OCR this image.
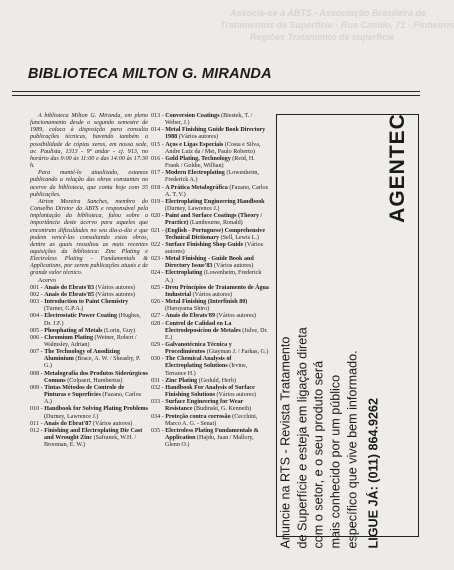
Associe-se à ABTS - Associação Brasileira de
Tratamentos de Superfície - Rua Camilo, 71 - Pinheiros
Regiões Tratamento de superfície
BIBLIOTECA MILTON G. MIRANDA

A biblioteca Milton G. Miranda, em pleno funcionamento desde o segundo semestre de 1989, coloca à disposição para consulta publicações técnicas, havendo também a possibilidade de cópias xerox, em nossa sede, av. Paulista, 1313 - 9º andar - cj. 913, no horário das 9:00 às 11:00 e das 14:00 às 17:30 h.

Para manté-lo atualizado, estamos publicando a relação das obras constantes no acervo da biblioteca, que conta hoje com 35 publicações.

Airton Moreira Sanches, membro do Conselho Diretor da ABTS e responsável pela implantação da biblioteca, falou sobre a importância deste acervo para aqueles que encontram dificuldades no seu dia-a-dia e que podem vencê-las consultando estas obras, dentre as quais ressaltou as mais recentes aquisições da biblioteca: Zinc Plating e Electroless Plating - Fundamentals & Applications, por serem publicações atuais e de grande valor técnico.

Acervo

001 - Anais do Ebrats'83 (Vários autores)

002 - Anais do Ebrats'85 (Vários autores)

003 - Introduction to Paint Chemistry (Turner, G.P.A.)

004 - Electrostatic Power Coating (Hughes, Dr. J.F.)

005 - Phosphating of Metals (Lorin, Guy)

006 - Chromium Plating (Weiner, Robert / Walmsley, Adrian)

007 - The Technology of Anodizing Aluminium (Brace, A. W. / Sheasby, P. G.)

008 - Metalografia dos Produtos Siderúrgicos Comuns (Colpaert, Humbertus)

009 - Tintas Métodos de Controle de Pinturas e Superfícies (Fazano, Carlos A.)

010 - Handbook for Solving Plating Problems (Durney, Lawrence J.)

011 - Anais do Ebrat'87 (Vários autores)

012 - Finishing and Electroplating Die Cast and Wrought Zinc (Safranek, W.H. / Brooman, E. W.)

013 - Conversion Coatings (Biestek, T. / Weber, J.)

014 - Metal Finishing Guide Book Directory 1988 (Vários autores)

015 - Aços e Ligas Especiais (Costa e Silva, Andre Luiz da / Mei, Paulo Roberto)

016 - Gold Plating, Technology (Reid, H. Frank / Goldie, Willian)

017 - Modern Electroplating (Lowenheim, Frederick A.)

018 - A Prática Metalográfica (Fazano, Carlos A. T. V.)

019 - Electroplating Engineering Handbook (Durney, Lawrence J.)

020 - Paint and Surface Coatings (Theory / Practice) (Lambourne, Ronald)

021 - (English - Portuguese) Comprehensive Technical Dictionary (Sell, Lewis L.)

022 - Surface Finishing Shop Guide (Vários autores)

023 - Metal Finishing - Guide Book and Directory Issue'83 (Vários autores)

024 - Electroplating (Lowenheim, Frederick A.)

025 - Dreu Princípios de Tratamento de Água Industrial (Vários autores)

026 - Metal Finishing (Interfinish 80) (Haruyama Shiro)

027 - Anais do Ebrats'89 (Vários autores)

028 - Control de Calidad en La Electrodeposicion de Metales (Julve, Dr. E.)

029 - Galvanotécnica Técnica y Procedimientos (Giayman J. / Farkas, G.)

030 - The Chemical Analysis of Electroplating Solutions (Irvine, Terrance H.)

031 - Zinc Plating (Geduld, Herb)

032 - Handbook For Analysis of Surface Finishing Solutions (Vários autores)

033 - Surface Engineering for Wear Resistance (Budinski, G. Kenneth)

034 - Proteção contra corrosão (Cecchini, Marco A. G. - Senai)

035 - Electroless Plating Fundamentals & Application (Hajdu, Juan / Mallory, Glenn O.)

AGENTEC
Anuncie na RTS - Revista Tratamento de Superfície e esteja em ligação direta com o setor, e o seu produto será mais conhecido por um público específico que vive bem informado. LIGUE JÁ: (011) 864.9262
